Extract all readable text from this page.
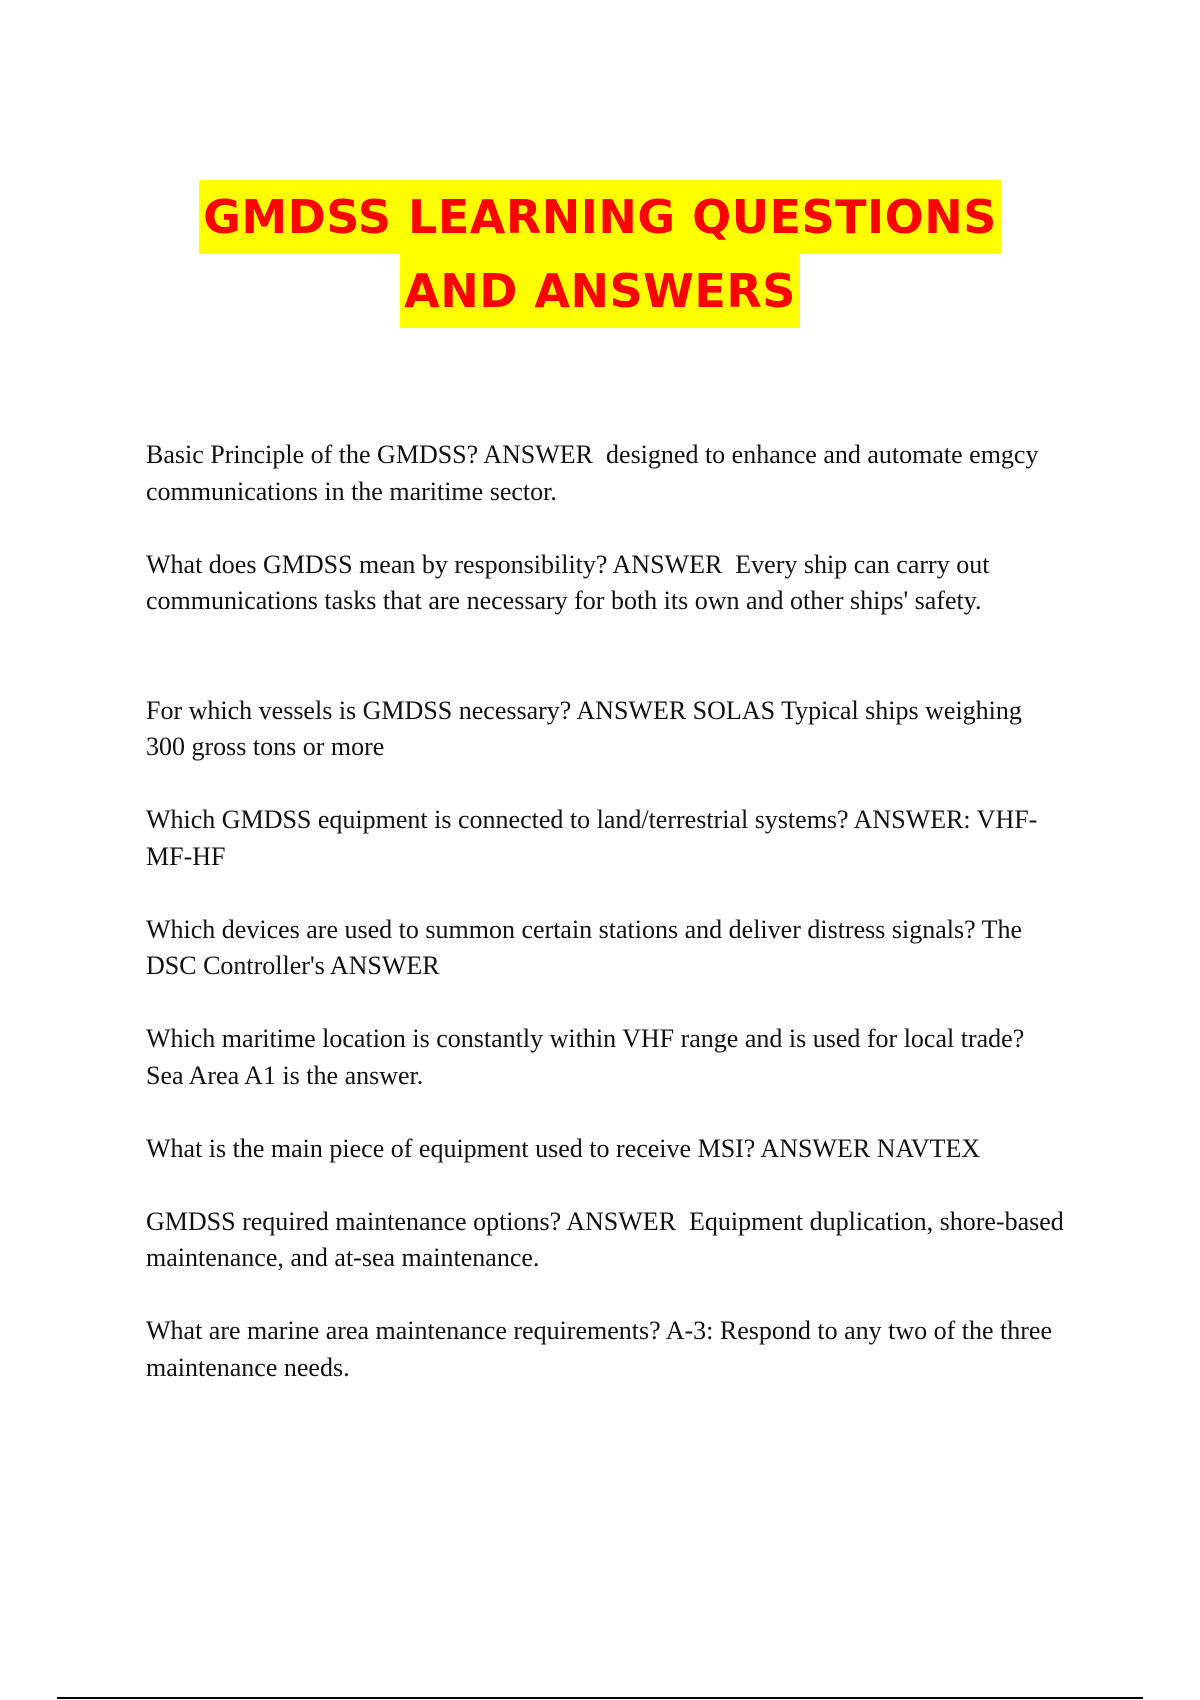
GMDSS LEARNING QUESTIONS
AND ANSWERS

Basic Principle of the GMDSS? ANSWER  designed to enhance and automate emgcy communications in the maritime sector.

What does GMDSS mean by responsibility? ANSWER  Every ship can carry out communications tasks that are necessary for both its own and other ships' safety.

For which vessels is GMDSS necessary? ANSWER SOLAS Typical ships weighing 300 gross tons or more

Which GMDSS equipment is connected to land/terrestrial systems? ANSWER: VHF-MF-HF

Which devices are used to summon certain stations and deliver distress signals? The DSC Controller's ANSWER

Which maritime location is constantly within VHF range and is used for local trade? Sea Area A1 is the answer.

What is the main piece of equipment used to receive MSI? ANSWER NAVTEX

GMDSS required maintenance options? ANSWER  Equipment duplication, shore-based maintenance, and at-sea maintenance.

What are marine area maintenance requirements? A-3: Respond to any two of the three maintenance needs.
